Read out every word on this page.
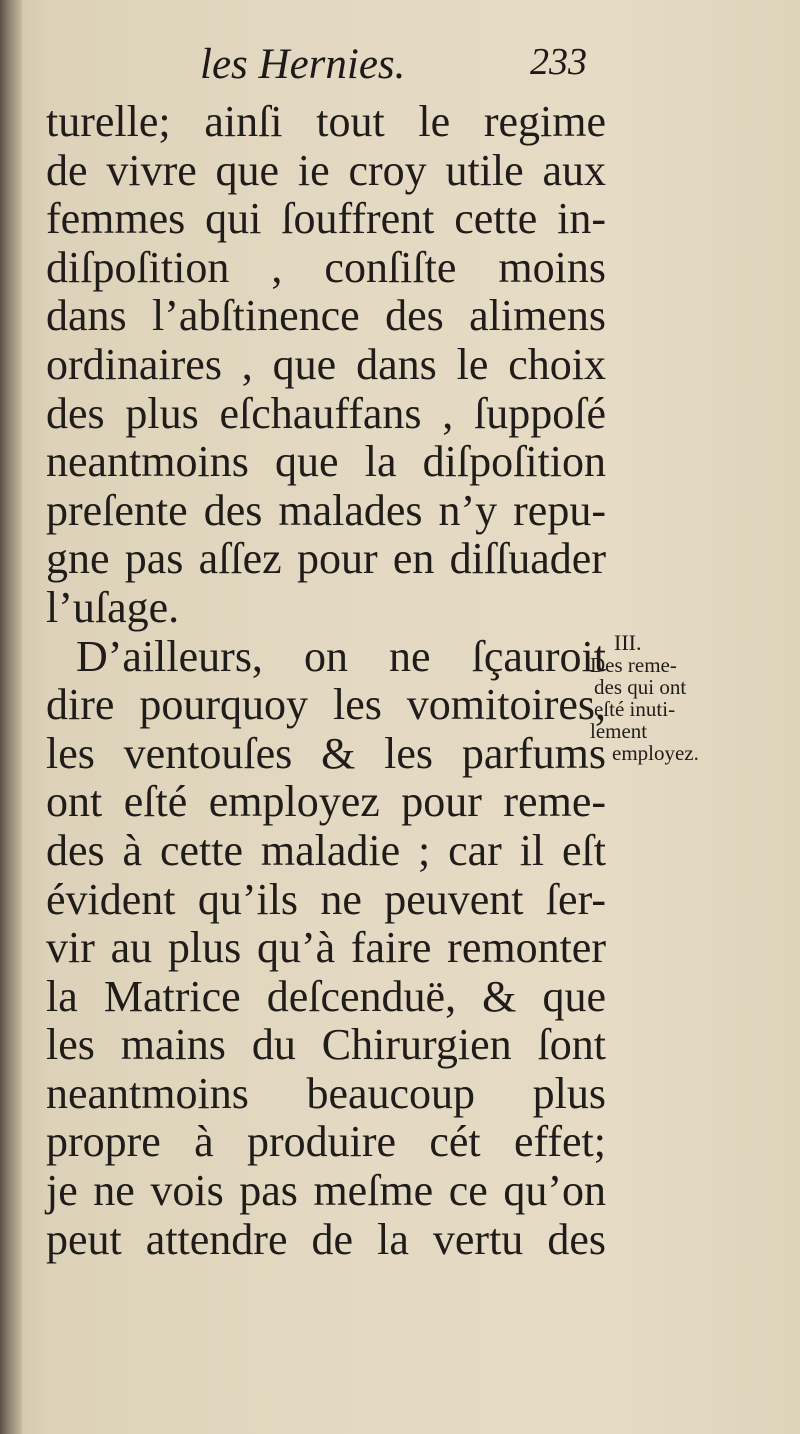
les Hernies.	233
turelle; ainſi tout le regime
de vivre que ie croy utile aux
femmes qui ſouffrent cette in-
diſpoſition , conſiſte moins
dans l’abſtinence des alimens
ordinaires , que dans le choix
des plus eſchauffans , ſuppoſé
neantmoins que la diſpoſition
preſente des malades n’y repu-
gne pas aſſez pour en diſſuader
l’uſage.
D’ailleurs, on ne ſçauroit
dire pourquoy les vomitoires,
les ventouſes & les parfums
ont eſté employez pour reme-
des à cette maladie ; car il eſt
évident qu’ils ne peuvent ſer-
vir au plus qu’à faire remonter
la Matrice deſcenduë, & que
les mains du Chirurgien ſont
neantmoins beaucoup plus
propre à produire cét effet;
je ne vois pas meſme ce qu’on
peut attendre de la vertu des
III.
Des reme-
des qui ont
eſté inuti-
lement
employez.
